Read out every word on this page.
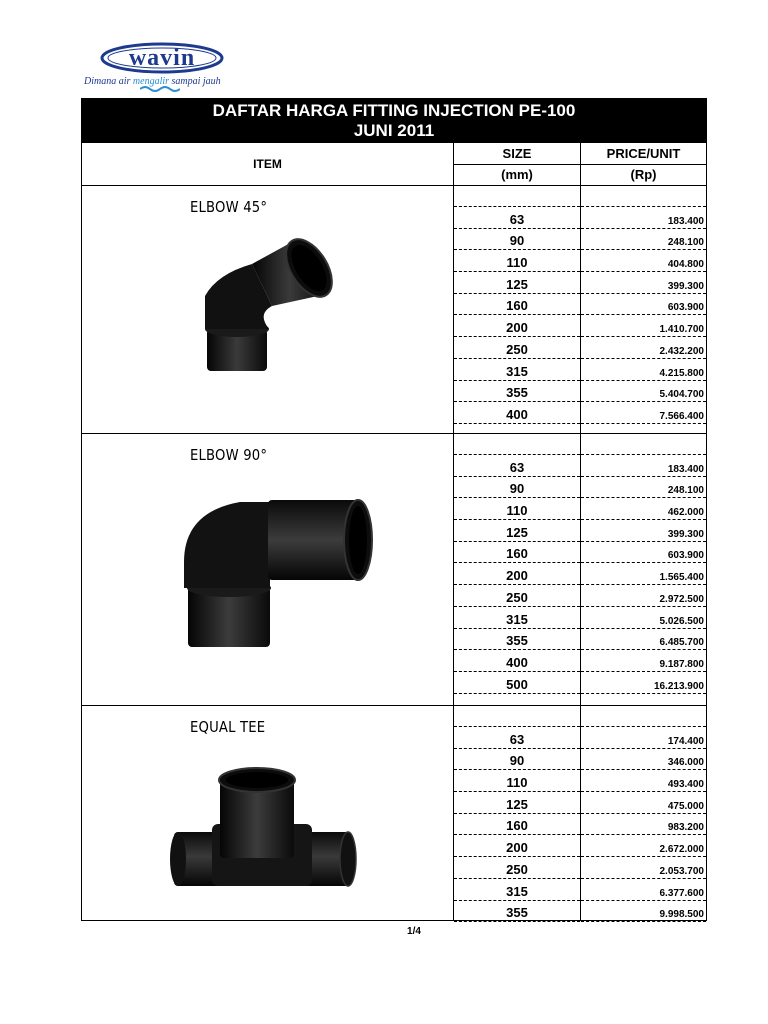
wavin
Dimana air mengalir sampai jauh
DAFTAR HARGA FITTING INJECTION PE-100
JUNI 2011
ITEM
SIZE
(mm)
PRICE/UNIT
(Rp)
ELBOW 45°
63
90
110
125
160
200
250
315
355
400
183.400
248.100
404.800
399.300
603.900
1.410.700
2.432.200
4.215.800
5.404.700
7.566.400
ELBOW 90°
63
90
110
125
160
200
250
315
355
400
500
183.400
248.100
462.000
399.300
603.900
1.565.400
2.972.500
5.026.500
6.485.700
9.187.800
16.213.900
EQUAL TEE
63
90
110
125
160
200
250
315
355
174.400
346.000
493.400
475.000
983.200
2.672.000
2.053.700
6.377.600
9.998.500
1/4
